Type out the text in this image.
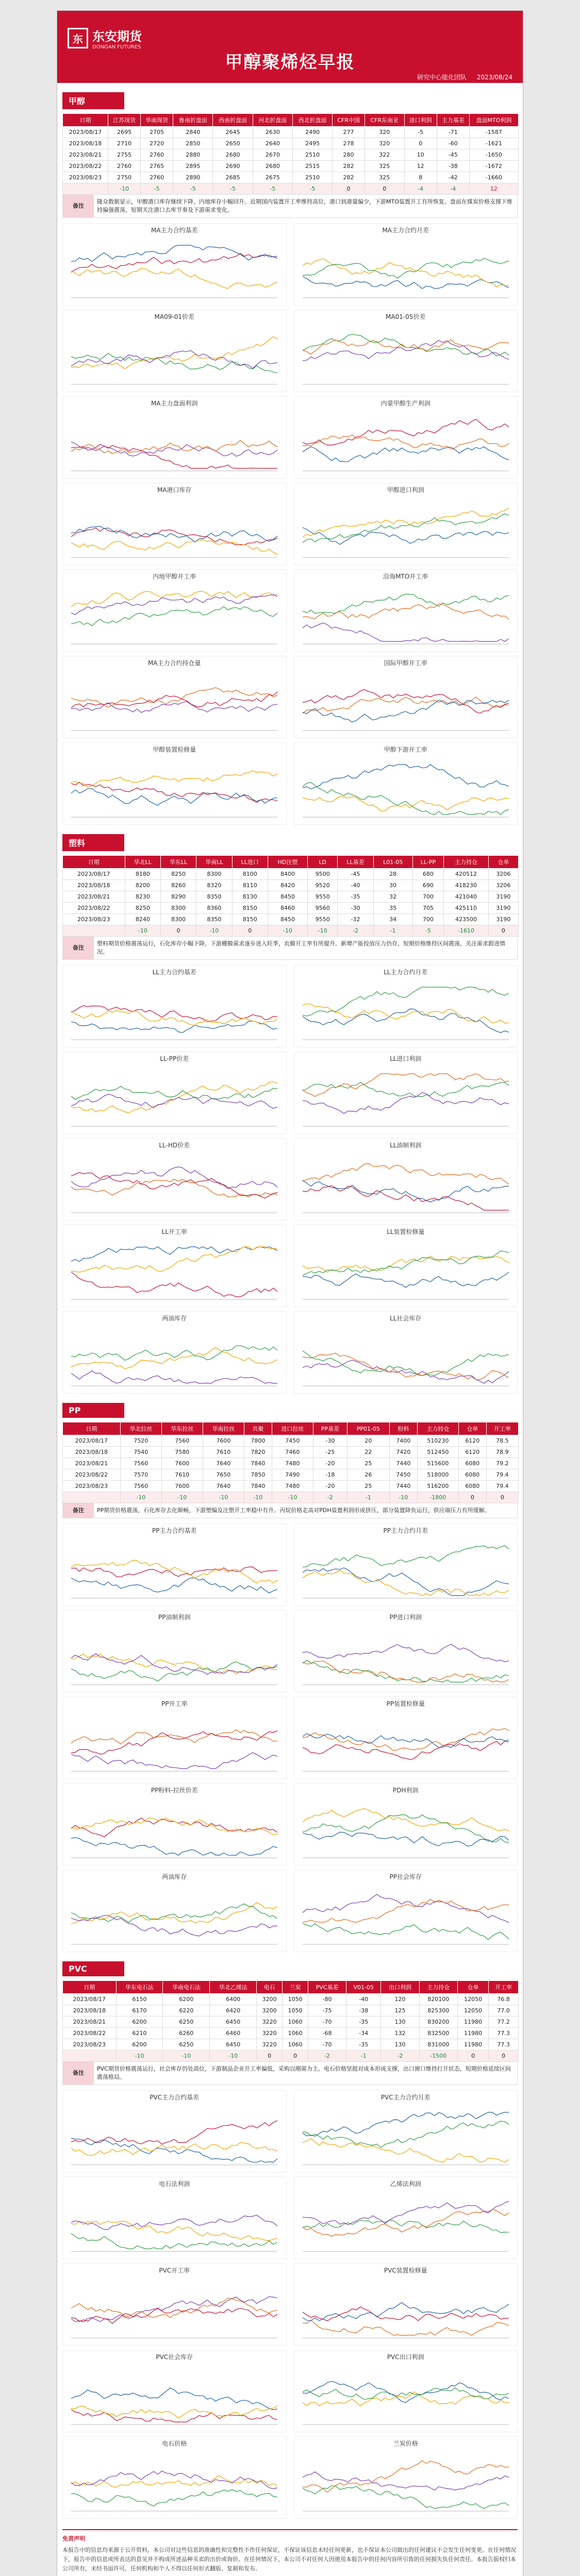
东 东安期货
DONGAN FUTURES
甲醇聚烯烃早报
研究中心能化团队 2023/08/24
甲醇
日期	江苏现货	华南现货	鲁南折盘面	西南折盘面	河北折盘面	西北折盘面	CFR中国	CFR东南亚	进口利润	主力基差	盘面MTO利润
2023/08/17	2695	2705	2840	2645	2630	2490	277	320	-5	-71	-1587
2023/08/18	2710	2720	2850	2650	2640	2495	278	320	0	-60	-1621
2023/08/21	2755	2760	2880	2680	2670	2510	280	322	10	-45	-1650
2023/08/22	2760	2765	2895	2690	2680	2515	282	325	12	-38	-1672
2023/08/23	2750	2760	2890	2685	2675	2510	282	325	8	-42	-1660
	-10	-5	-5	-5	-5	-5	0	0	-4	-4	12
备注
隆众数据显示，甲醇港口库存继续下降，内地库存小幅回升。近期国内装置开工率维持高位，港口到港量偏少，下游MTO装置开工有所恢复。盘面在煤炭价格支撑下维持偏强震荡，短期关注港口去库节奏及下游需求变化。
MA主力合约基差	MA主力合约月差
MA09-01价差	MA01-05价差
MA主力盘面利润	内蒙甲醇生产利润
MA港口库存	甲醇进口利润
内地甲醇开工率	沿海MTO开工率
MA主力合约持仓量	国际甲醇开工率
甲醇装置检修量	甲醇下游开工率
塑料
日期	华北LL	华东LL	华南LL	LL进口	HD注塑	LD	LL基差	L01-05	LL-PP	主力持仓	仓单
2023/08/17	8180	8250	8300	8100	8400	9500	-45	28	680	420512	3206
2023/08/18	8200	8260	8320	8110	8420	9520	-40	30	690	418230	3206
2023/08/21	8230	8290	8350	8130	8450	9550	-35	32	700	421040	3190
2023/08/22	8250	8300	8360	8150	8460	9560	-30	35	705	425110	3190
2023/08/23	8240	8300	8350	8150	8450	9550	-32	34	700	423500	3190
	-10	0	-10	0	-10	-10	-2	-1	-5	-1610	0
备注
塑料期货价格震荡运行，石化库存小幅下降，下游棚膜需求逐步进入旺季，农膜开工率有所提升。新增产能投放压力仍存，短期价格维持区间震荡，关注需求跟进情况。
LL主力合约基差	LL主力合约月差
LL-PP价差	LL进口利润
LL-HD价差	LL油制利润
LL开工率	LL装置检修量
两油库存	LL社会库存
PP
日期	华北拉丝	华东拉丝	华南拉丝	共聚	进口拉丝	PP基差	PP01-05	粉料	主力持仓	仓单	开工率
2023/08/17	7520	7560	7600	7800	7450	-30	20	7400	510230	6120	78.5
2023/08/18	7540	7580	7610	7820	7460	-25	22	7420	512450	6120	78.9
2023/08/21	7560	7600	7640	7840	7480	-20	25	7440	515600	6080	79.2
2023/08/22	7570	7610	7650	7850	7490	-18	26	7450	518000	6080	79.4
2023/08/23	7560	7600	7640	7840	7480	-20	25	7440	516200	6080	79.4
	-10	-10	-10	-10	-10	-2	-1	-10	-1800	0	0
备注	PP期货价格震荡，石化库存去化顺畅，下游塑编及注塑开工率稳中有升。丙烷价格走高对PDH装置利润形成挤压，部分装置降负运行，供应端压力有所缓解。
PP主力合约基差	PP主力合约月差
PP油制利润	PP进口利润
PP开工率	PP装置检修量
PP粉料-拉丝价差	PDH利润
两油库存	PP社会库存
PVC
日期	华东电石法	华南电石法	华北乙烯法	电石	兰炭	PVC基差	V01-05	出口利润	主力持仓	仓单	开工率
2023/08/17	6150	6200	6400	3200	1050	-80	-40	120	820100	12050	76.8
2023/08/18	6170	6220	6420	3200	1050	-75	-38	125	825300	12050	77.0
2023/08/21	6200	6250	6450	3220	1060	-70	-35	130	830200	11980	77.2
2023/08/22	6210	6260	6460	3220	1060	-68	-34	132	832500	11980	77.3
2023/08/23	6200	6250	6450	3220	1060	-70	-35	130	831000	11980	77.3
	-10	-10	-10	0	0	-2	-1	-2	-1500	0	0
备注
PVC期货价格震荡运行，社会库存仍处高位，下游制品企业开工率偏低，采购以刚需为主。电石价格坚挺对成本形成支撑，出口窗口维持打开状态，短期价格延续区间震荡格局。
PVC主力合约基差	PVC主力合约月差
电石法利润	乙烯法利润
PVC开工率	PVC装置检修量
PVC社会库存	PVC出口利润
电石价格	兰炭价格
免责声明
本报告中的信息均来源于公开资料，本公司对这些信息的准确性和完整性不作任何保证，不保证该信息未经任何更新，也不保证本公司做出的任何建议不会发生任何变更。在任何情况下，报告中的信息或所表达的意见并不构成所述品种买卖的出价或询价。在任何情况下，本公司不对任何人因使用本报告中的任何内容所引致的任何损失负任何责任。本报告版权归本公司所有，未经书面许可，任何机构和个人不得以任何形式翻版、复制和发布。
